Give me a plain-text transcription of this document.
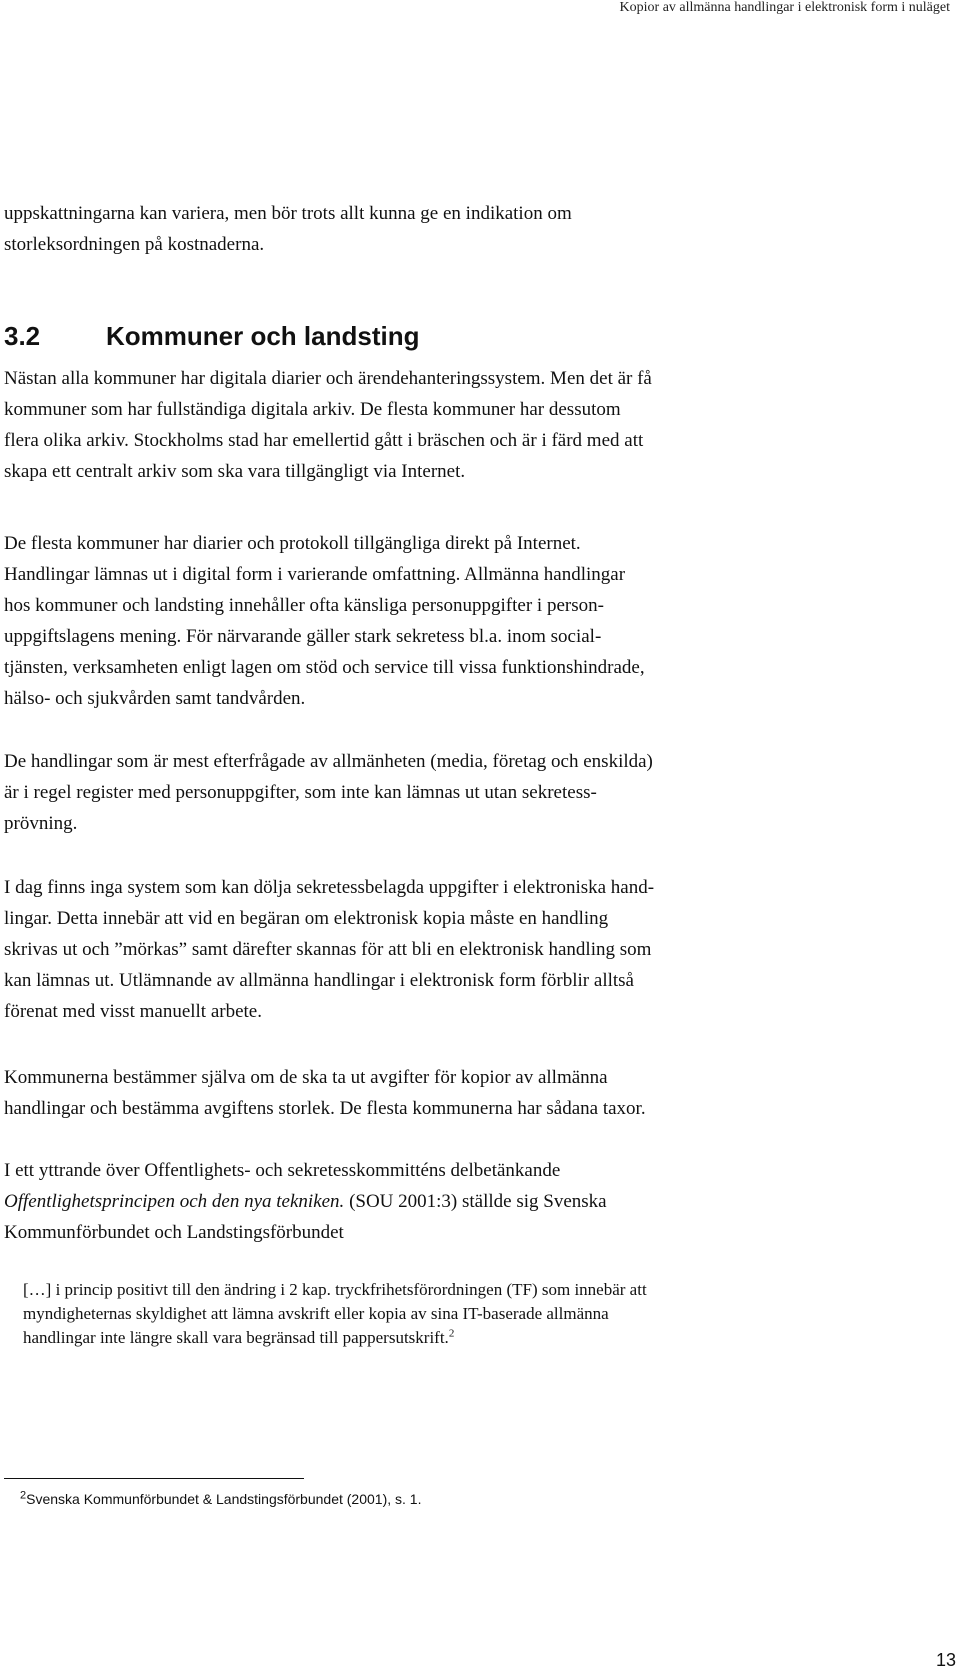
Kopior av allmänna handlingar i elektronisk form i nuläget

uppskattningarna kan variera, men bör trots allt kunna ge en indikation om

storleksordningen på kostnaderna.

3.2	Kommuner och landsting

Nästan alla kommuner har digitala diarier och ärendehanteringssystem. Men det är få

kommuner som har fullständiga digitala arkiv. De flesta kommuner har dessutom

flera olika arkiv. Stockholms stad har emellertid gått i bräschen och är i färd med att

skapa ett centralt arkiv som ska vara tillgängligt via Internet.

De flesta kommuner har diarier och protokoll tillgängliga direkt på Internet.

Handlingar lämnas ut i digital form i varierande omfattning. Allmänna handlingar

hos kommuner och landsting innehåller ofta känsliga personuppgifter i person-

uppgiftslagens mening. För närvarande gäller stark sekretess bl.a. inom social-

tjänsten, verksamheten enligt lagen om stöd och service till vissa funktionshindrade,

hälso- och sjukvården samt tandvården.

De handlingar som är mest efterfrågade av allmänheten (media, företag och enskilda)

är i regel register med personuppgifter, som inte kan lämnas ut utan sekretess-

prövning.

I dag finns inga system som kan dölja sekretessbelagda uppgifter i elektroniska hand-

lingar. Detta innebär att vid en begäran om elektronisk kopia måste en handling

skrivas ut och ”mörkas” samt därefter skannas för att bli en elektronisk handling som

kan lämnas ut. Utlämnande av allmänna handlingar i elektronisk form förblir alltså

förenat med visst manuellt arbete.

Kommunerna bestämmer själva om de ska ta ut avgifter för kopior av allmänna

handlingar och bestämma avgiftens storlek. De flesta kommunerna har sådana taxor.

I ett yttrande över Offentlighets- och sekretesskommitténs delbetänkande

Offentlighetsprincipen och den nya tekniken. (SOU 2001:3) ställde sig Svenska

Kommunförbundet och Landstingsförbundet

[…] i princip positivt till den ändring i 2 kap. tryckfrihetsförordningen (TF) som innebär att

myndigheternas skyldighet att lämna avskrift eller kopia av sina IT-baserade allmänna

handlingar inte längre skall vara begränsad till pappersutskrift.$^2$

$^2$Svenska Kommunförbundet & Landstingsförbundet (2001), s. 1.
13
